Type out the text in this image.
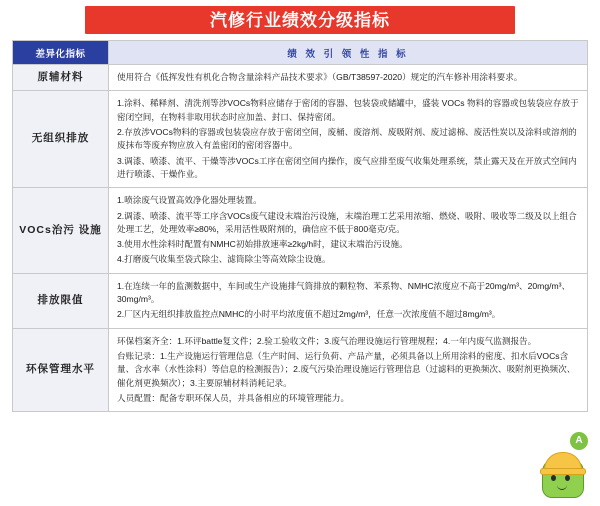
汽修行业绩效分级指标
差异化指标	绩 效 引 领 性 指 标
原辅材料	使用符合《低挥发性有机化合物含量涂料产品技术要求》（GB/T38597-2020）规定的汽车修补用涂料要求。

无组织排放	1.涂料、稀释剂、清洗剂等涉VOCs物料应储存于密闭的容器、包装袋或储罐中，盛装 VOCs 物料的容器或包装袋应存放于密闭空间，在物料非取用状态时应加盖、封口、保持密闭。

2.存放涉VOCs物料的容器或包装袋应存放于密闭空间，废桶、废溶剂、废吸附剂、废过滤棉、废活性炭以及涂料或溶剂的废抹布等废弃物应放入有盖密闭的密闭容器中。

3.调漆、喷漆、流平、干燥等涉VOCs工序在密闭空间内操作，废气应排至废气收集处理系统，禁止露天及在开放式空间内进行喷漆、干燥作业。

VOCs治污 设施	1.喷涂废气设置高效净化器处理装置。

2.调漆、喷漆、流平等工序含VOCs废气建设末端治污设施，末端治理工艺采用浓缩、燃烧、吸附、吸收等二级及以上组合处理工艺，处理效率≥80%，采用活性吸附剂的，确信应不低于800毫克/克。

3.使用水性涂料时配置有NMHC初始排放速率≥2kg/h时，建议末端治污设施。

4.打磨废气收集至袋式除尘、滤筒除尘等高效除尘设施。

排放限值	1.在连续一年的监测数据中，车间或生产设施排气筒排放的颗粒物、苯系物、NMHC浓度应不高于20mg/m³、20mg/m³、30mg/m³。

2.厂区内无组织排放监控点NMHC的小时平均浓度值不超过2mg/m³，任意一次浓度值不超过8mg/m³。

环保管理水平	环保档案齐全：1.环评battle复文件；2.验工验收文件；3.废气治理设施运行管理规程；4.一年内废气监测报告。

台账记录：1.生产设施运行管理信息（生产时间、运行负荷、产品产量，必须具备以上所用涂料的密度、扣水后VOCs含量、含水率（水性涂料）等信息的检测报告）；2.废气污染治理设施运行管理信息（过滤料的更换频次、吸附剂更换频次、催化剂更换频次）；3.主要原辅材料消耗记录。

人员配置：配备专职环保人员，并具备相应的环境管理能力。

A
